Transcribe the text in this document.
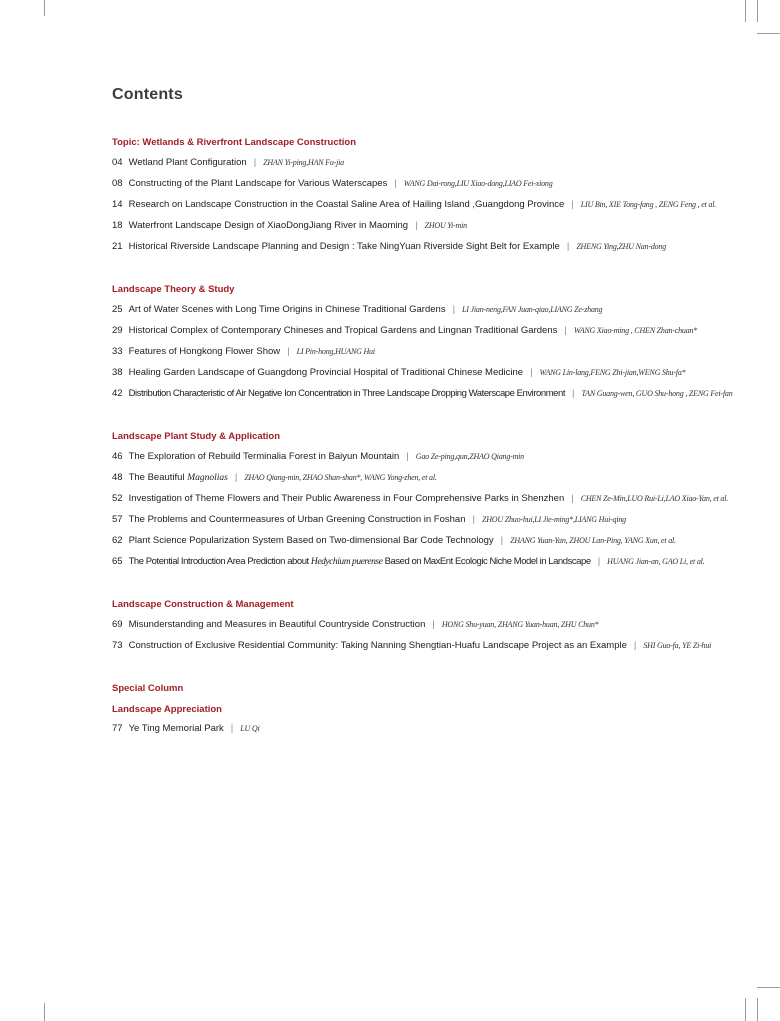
Contents
Topic: Wetlands & Riverfront Landscape Construction
04 Wetland Plant Configuration | ZHAN Yi-ping,HAN Fu-jia
08 Constructing of the Plant Landscape for Various Waterscapes | WANG Dai-rong,LIU Xiao-dong,LIAO Fei-xiong
14 Research on Landscape Construction in the Coastal Saline Area of Hailing Island ,Guangdong Province | LIU Bin, XIE Tong-fang , ZENG Feng , et al.
18 Waterfront Landscape Design of XiaoDongJiang River in Maoming | ZHOU Yi-min
21 Historical Riverside Landscape Planning and Design : Take NingYuan Riverside Sight Belt for Example | ZHENG Ying,ZHU Nan-dong
Landscape Theory & Study
25 Art of Water Scenes with Long Time Origins in Chinese Traditional Gardens | LI Jian-neng,FAN Juan-qiao,LIANG Ze-zhang
29 Historical Complex of Contemporary Chineses and Tropical Gardens and Lingnan Traditional Gardens | WANG Xiao-ming , CHEN Zhan-chuan*
33 Features of Hongkong Flower Show | LI Pin-hong,HUANG Hui
38 Healing Garden Landscape of Guangdong Provincial Hospital of Traditional Chinese Medicine | WANG Lin-lang,FENG Zhi-jian,WENG Shu-fa*
42 Distribution Characteristic of Air Negative Ion Concentration in Three Landscape Dropping Waterscape Environment | TAN Guang-wen, GUO Shu-hong , ZENG Fei-fan
Landscape Plant Study & Application
46 The Exploration of Rebuild Terminalia Forest in Baiyun Mountain | Gao Ze-ping,qun,ZHAO Qiang-min
48 The Beautiful Magnolias | ZHAO Qiang-min, ZHAO Shan-shan*, WANG Yong-zhen, et al.
52 Investigation of Theme Flowers and Their Public Awareness in Four Comprehensive Parks in Shenzhen | CHEN Ze-Min,LUO Rui-Li,LAO Xiao-Yan, et al.
57 The Problems and Countermeasures of Urban Greening Construction in Foshan | ZHOU Zhuo-hui,LI Jie-ming*,LIANG Hui-qing
62 Plant Science Popularization System Based on Two-dimensional Bar Code Technology | ZHANG Yuan-Yan, ZHOU Lan-Ping, YANG Xun, et al.
65 The Potential Introduction Area Prediction about Hedychium puerense Based on MaxEnt Ecologic Niche Model in Landscape | HUANG Jian-an, GAO Li, et al.
Landscape Construction & Management
69 Misunderstanding and Measures in Beautiful Countryside Construction | HONG Shu-yuan, ZHANG Yuan-huan, ZHU Chun*
73 Construction of Exclusive Residential Community: Taking Nanning Shengtian-Huafu Landscape Project as an Example | SHI Guo-fa, YE Zi-hui
Special Column
Landscape Appreciation
77 Ye Ting Memorial Park | LU Qi
